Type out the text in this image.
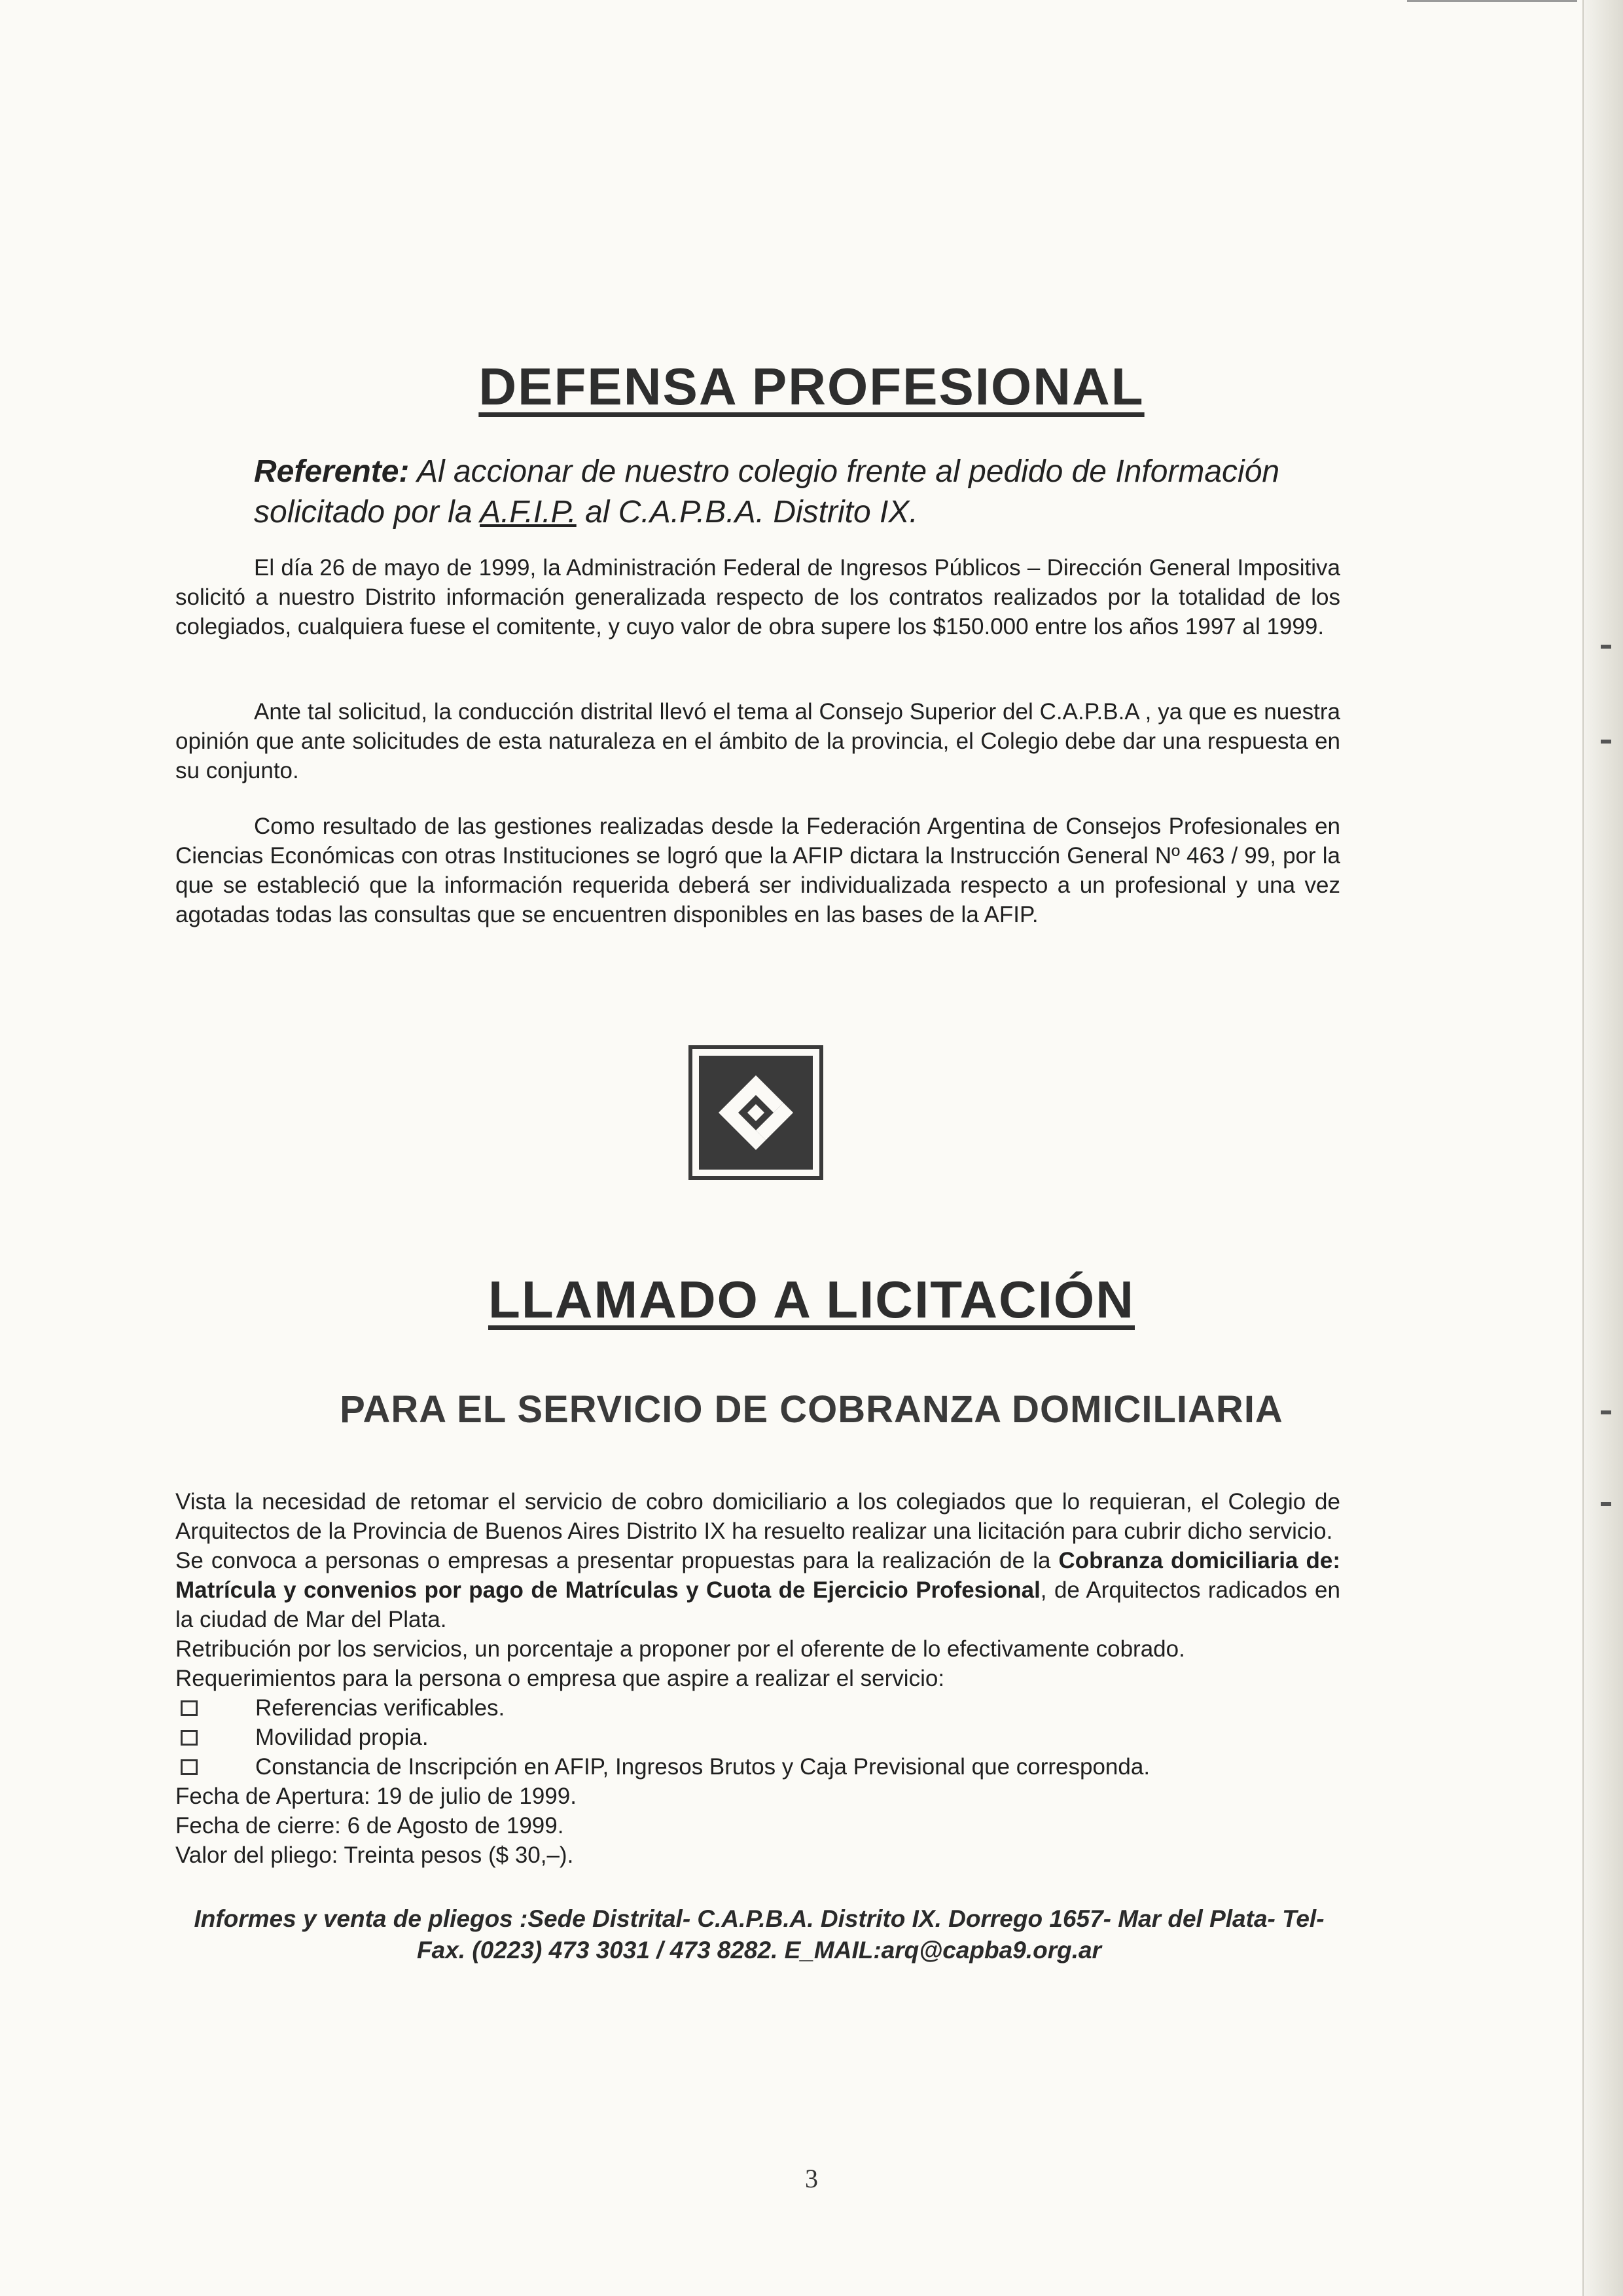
DEFENSA PROFESIONAL
Referente: Al accionar de nuestro colegio frente al pedido de Información solicitado por la A.F.I.P. al C.A.P.B.A. Distrito IX.
El día 26 de mayo de 1999, la Administración Federal de Ingresos Públicos – Dirección General Impositiva solicitó a nuestro Distrito información generalizada respecto de los contratos realizados por la totalidad de los colegiados, cualquiera fuese el comitente, y cuyo valor de obra supere los $150.000 entre los años 1997 al 1999.
Ante tal solicitud, la conducción distrital llevó el tema al Consejo Superior del C.A.P.B.A , ya que es nuestra opinión que ante solicitudes de esta naturaleza en el ámbito de la provincia, el Colegio debe dar una respuesta en su conjunto.
Como resultado de las gestiones realizadas desde la Federación Argentina de Consejos Profesionales en Ciencias Económicas con otras Instituciones se logró que la AFIP dictara la Instrucción General Nº 463 / 99, por la que se estableció que la información requerida deberá ser individualizada respecto a un profesional y una vez agotadas todas las consultas que se encuentren disponibles en las bases de la AFIP.
LLAMADO A LICITACIÓN
PARA EL SERVICIO DE COBRANZA DOMICILIARIA
Vista la necesidad de retomar el servicio de cobro domiciliario a los colegiados que lo requieran, el Colegio de Arquitectos de la Provincia de Buenos Aires Distrito IX ha resuelto realizar una licitación para cubrir dicho servicio.
Se convoca a personas o empresas a presentar propuestas para la realización de la Cobranza domiciliaria de: Matrícula y convenios por pago de Matrículas y Cuota de Ejercicio Profesional, de Arquitectos radicados en la ciudad de Mar del Plata.
Retribución por los servicios, un porcentaje a proponer por el oferente de lo efectivamente cobrado.
Requerimientos para la persona o empresa que aspire a realizar el servicio:
Referencias verificables.
Movilidad propia.
Constancia de Inscripción en AFIP, Ingresos Brutos y Caja Previsional que corresponda.
Fecha de Apertura: 19 de julio de 1999.
Fecha de cierre: 6 de Agosto de 1999.
Valor del pliego: Treinta pesos ($ 30,–).
Informes y venta de pliegos :Sede Distrital- C.A.P.B.A. Distrito IX. Dorrego 1657- Mar del Plata- Tel-Fax. (0223) 473 3031 / 473 8282. E_MAIL:arq@capba9.org.ar
3
